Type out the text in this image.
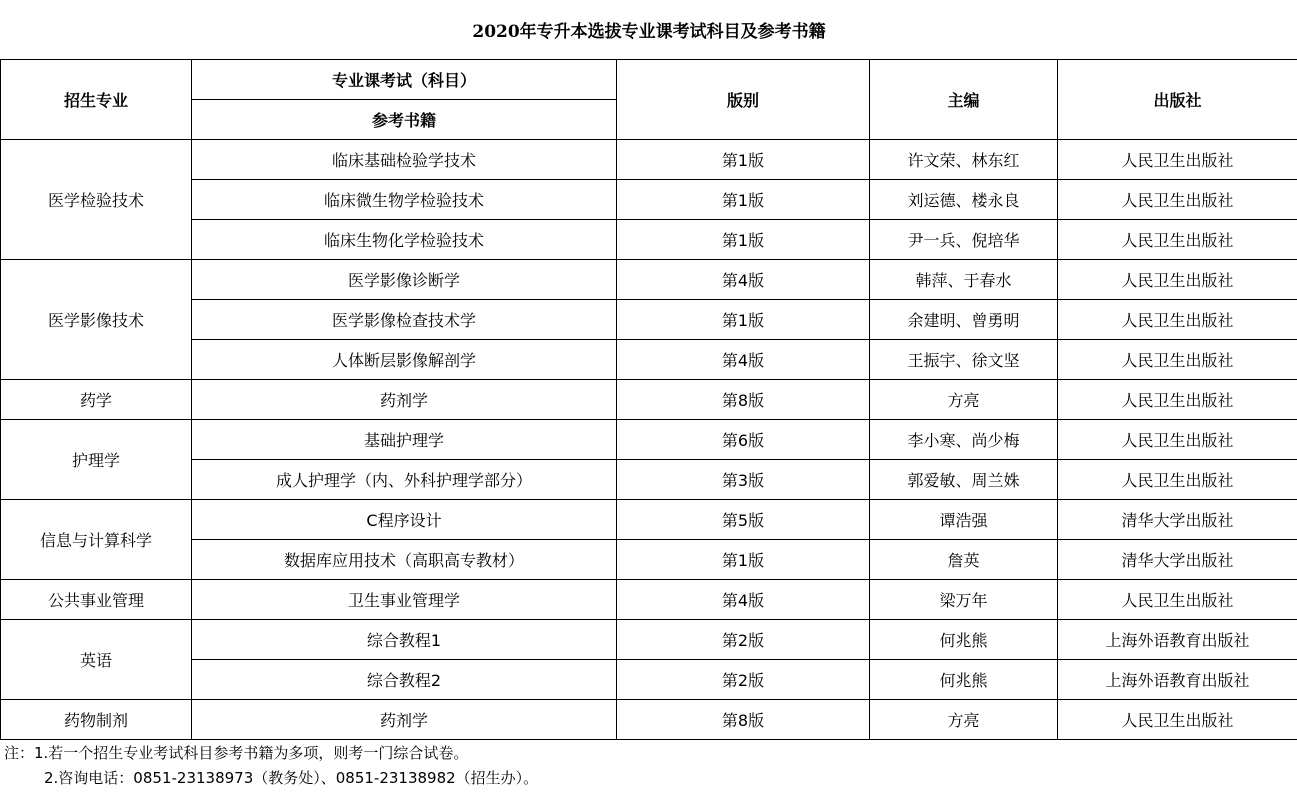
2020年专升本选拔专业课考试科目及参考书籍				
招生专业	专业课考试（科目）	版别	主编	出版社
	参考书籍			
医学检验技术	临床基础检验学技术	第1版	许文荣、林东红	人民卫生出版社
	临床微生物学检验技术	第1版	刘运德、楼永良	人民卫生出版社
	临床生物化学检验技术	第1版	尹一兵、倪培华	人民卫生出版社
医学影像技术	医学影像诊断学	第4版	韩萍、于春水	人民卫生出版社
	医学影像检查技术学	第1版	余建明、曾勇明	人民卫生出版社
	人体断层影像解剖学	第4版	王振宇、徐文坚	人民卫生出版社
药学	药剂学	第8版	方亮	人民卫生出版社
护理学	基础护理学	第6版	李小寒、尚少梅	人民卫生出版社
	成人护理学（内、外科护理学部分）	第3版	郭爱敏、周兰姝	人民卫生出版社
信息与计算科学	C程序设计	第5版	谭浩强	清华大学出版社
	数据库应用技术（高职高专教材）	第1版	詹英	清华大学出版社
公共事业管理	卫生事业管理学	第4版	梁万年	人民卫生出版社
英语	综合教程1	第2版	何兆熊	上海外语教育出版社
	综合教程2	第2版	何兆熊	上海外语教育出版社
药物制剂	药剂学	第8版	方亮	人民卫生出版社
注：1.若一个招生专业考试科目参考书籍为多项，则考一门综合试卷。
2.咨询电话：0851-23138973（教务处）、0851-23138982（招生办）。
